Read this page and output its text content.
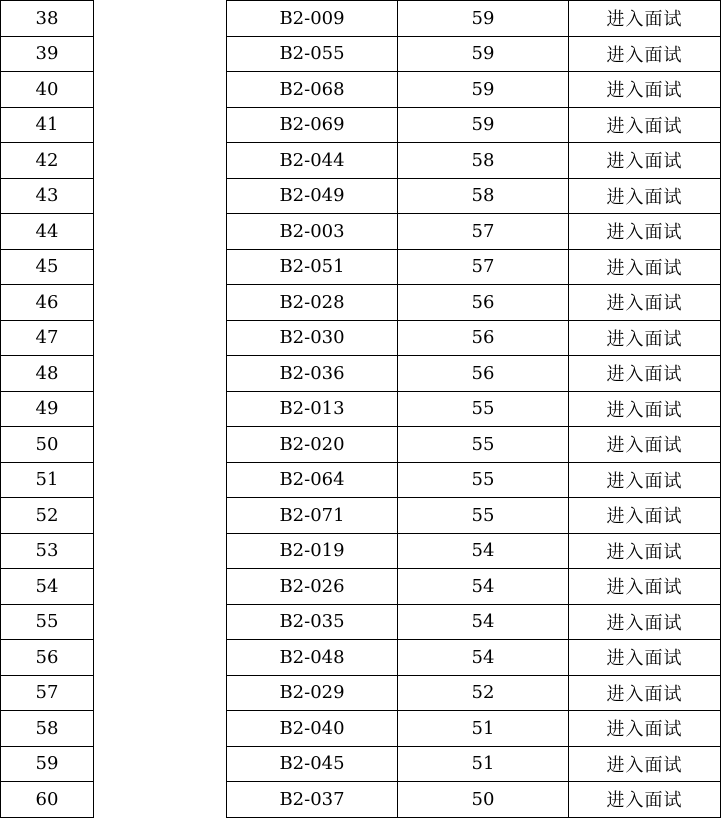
38		B2-009	59	进入面试
39		B2-055	59	进入面试
40		B2-068	59	进入面试
41		B2-069	59	进入面试
42		B2-044	58	进入面试
43		B2-049	58	进入面试
44		B2-003	57	进入面试
45		B2-051	57	进入面试
46		B2-028	56	进入面试
47		B2-030	56	进入面试
48		B2-036	56	进入面试
49		B2-013	55	进入面试
50		B2-020	55	进入面试
51		B2-064	55	进入面试
52		B2-071	55	进入面试
53		B2-019	54	进入面试
54		B2-026	54	进入面试
55		B2-035	54	进入面试
56		B2-048	54	进入面试
57		B2-029	52	进入面试
58		B2-040	51	进入面试
59		B2-045	51	进入面试
60		B2-037	50	进入面试
